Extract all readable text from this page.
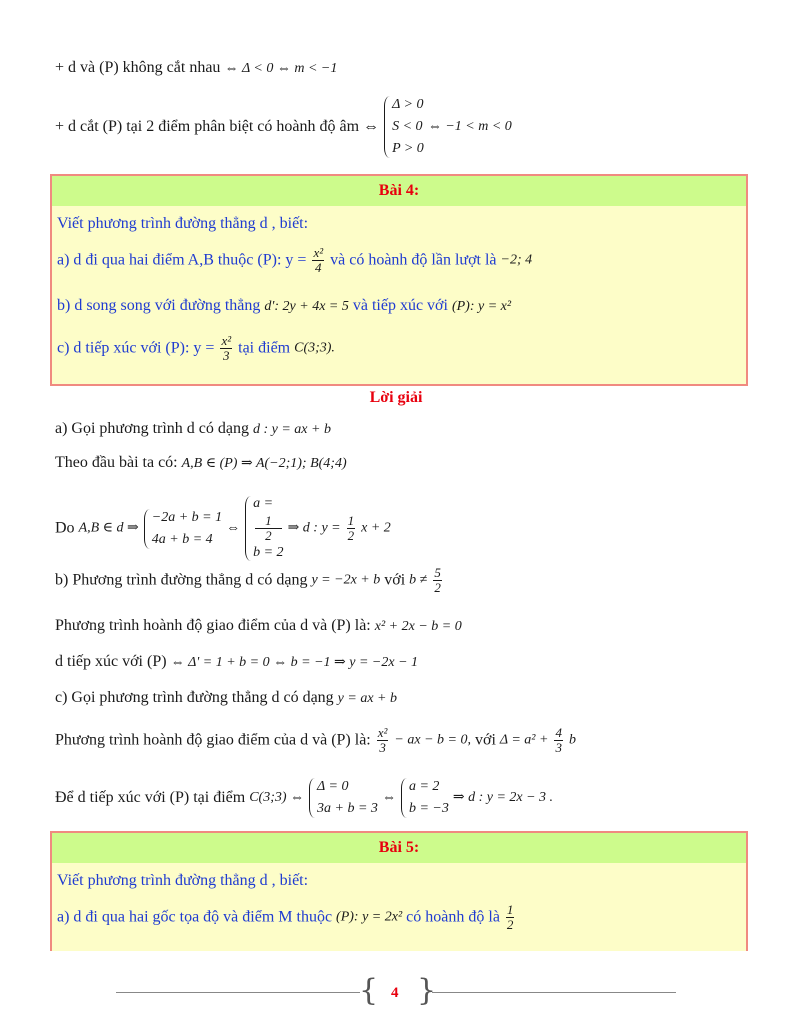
+ d và (P) không cắt nhau ⇔ Δ < 0 ⇔ m < −1
+ d cắt (P) tại 2 điểm phân biệt có hoành độ âm ⇔
Δ > 0
S < 0
P > 0
⇔ −1 < m < 0
Bài 4:
Viết phương trình đường thẳng d , biết:
a) d đi qua hai điểm A,B thuộc (P): $y = \frac{\text{x²}}{4}$ và có hoành độ lần lượt là −2; 4
b) d song song với đường thẳng d': 2y + 4x = 5 và tiếp xúc với (P): y = x²
c) d tiếp xúc với (P): $y = \frac{\text{x²}}{3}$ tại điểm C(3;3).
Lời giải
a) Gọi phương trình d có dạng d : y = ax + b
Theo đầu bài ta có: A,B ∈ (P) ⇒ A(−2;1); B(4;4)
Do A,B ∈ d ⇒
−2a + b = 1
4a + b = 4
⇔
a =
1
2
b = 2
⇒ d : $y = \frac{1}{2}$ x + 2
b) Phương trình đường thẳng d có dạng y = −2x + b với $b \ne \frac{5}{2}$
Phương trình hoành độ giao điểm của d và (P) là: x² + 2x − b = 0
d tiếp xúc với (P) ⇔ Δ' = 1 + b = 0 ⇔ b = −1 ⇒ y = −2x − 1
c) Gọi phương trình đường thẳng d có dạng y = ax + b
Phương trình hoành độ giao điểm của d và (P) là: $\frac{\text{x²}}{3}$ − ax − b = 0, với $\Delta = a^2 + \frac{4}{3}$ b
Để d tiếp xúc với (P) tại điểm C(3;3) ⇔
Δ = 0
3a + b = 3
⇔
a = 2
b = −3
⇒ d : y = 2x − 3 .
Bài 5:
Viết phương trình đường thẳng d , biết:
a) d đi qua hai gốc tọa độ và điểm M thuộc (P): y = 2x² có hoành độ là $\frac{1}{2}$
{ }
4
